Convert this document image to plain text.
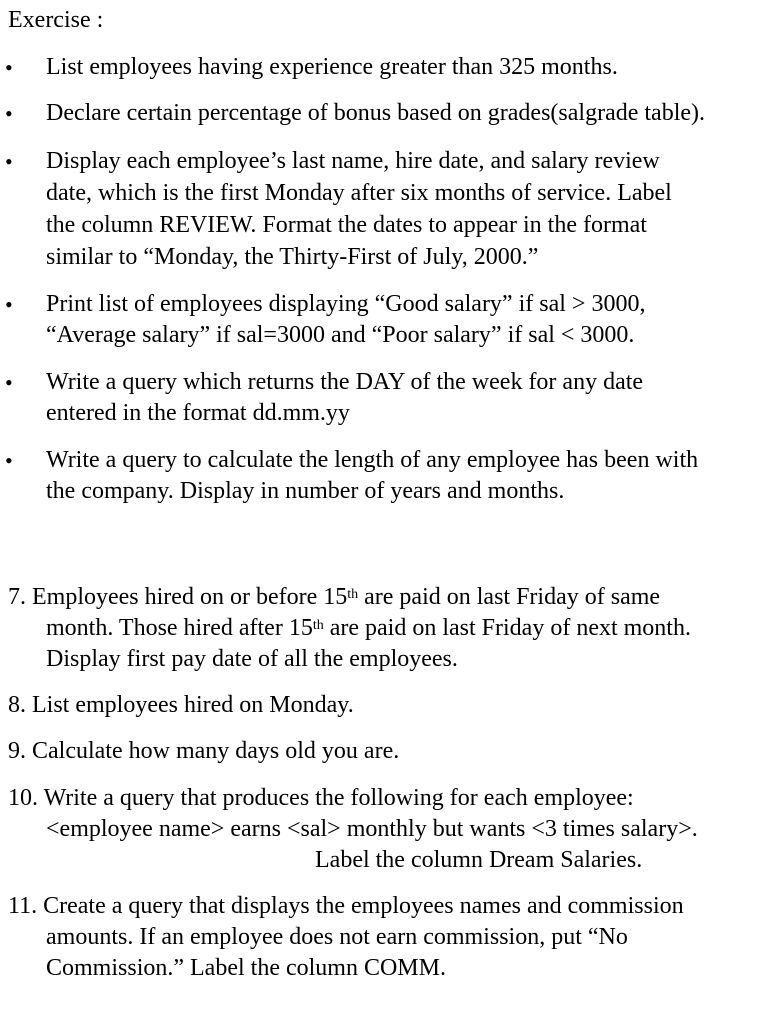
Exercise :

• List employees having experience greater than 325 months.

• Declare certain percentage of bonus based on grades(salgrade table).

• Display each employee’s last name, hire date, and salary review

date, which is the first Monday after six months of service. Label

the column REVIEW. Format the dates to appear in the format

similar to “Monday, the Thirty-First of July, 2000.”

• Print list of employees displaying “Good salary” if sal > 3000,

“Average salary” if sal=3000 and “Poor salary” if sal < 3000.

• Write a query which returns the DAY of the week for any date

entered in the format dd.mm.yy

• Write a query to calculate the length of any employee has been with

the company. Display in number of years and months.

7. Employees hired on or before 15th are paid on last Friday of same

month. Those hired after 15th are paid on last Friday of next month.

Display first pay date of all the employees.

8. List employees hired on Monday.

9. Calculate how many days old you are.

10. Write a query that produces the following for each employee:

<employee name> earns <sal> monthly but wants <3 times salary>.

Label the column Dream Salaries.

11. Create a query that displays the employees names and commission

amounts. If an employee does not earn commission, put “No

Commission.” Label the column COMM.
